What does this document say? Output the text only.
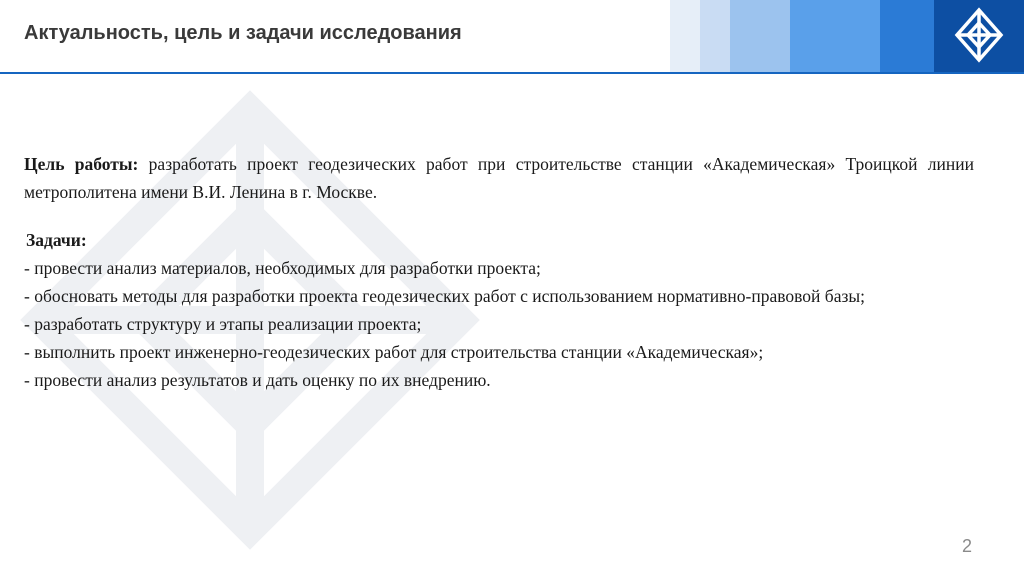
Актуальность, цель и задачи исследования

Цель работы: разработать проект геодезических работ при строительстве станции «Академическая» Троицкой линии метрополитена имени В.И. Ленина в г. Москве.

Задачи:

- провести анализ материалов, необходимых для разработки проекта;

- обосновать методы для разработки проекта геодезических работ с использованием нормативно-правовой базы;

- разработать структуру и этапы реализации проекта;

- выполнить проект инженерно-геодезических работ для строительства станции «Академическая»;

- провести анализ результатов и дать оценку по их внедрению.

2
